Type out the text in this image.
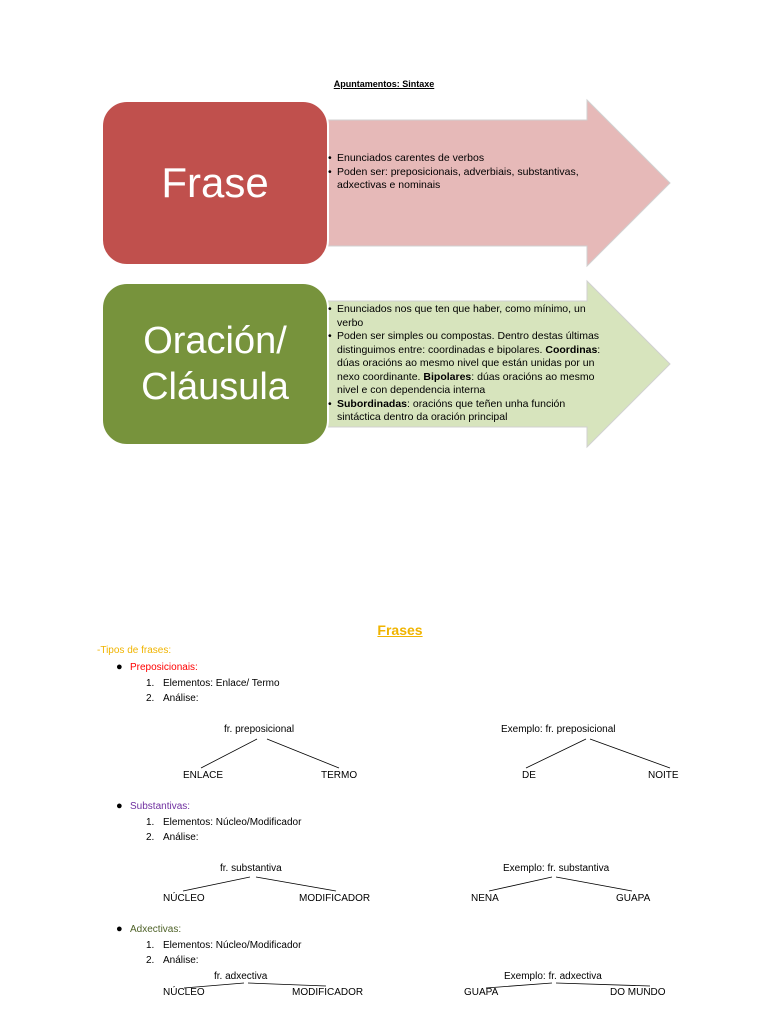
Apuntamentos: Sintaxe
Frase
Oración/
Cláusula
• Enunciados carentes de verbos
• Poden ser: preposicionais, adverbiais, substantivas, adxectivas e nominais
• Enunciados nos que ten que haber, como mínimo, un verbo
• Poden ser simples ou compostas. Dentro destas últimas distinguimos entre: coordinadas e bipolares. Coordinas: dúas oracións ao mesmo nivel que están unidas por un nexo coordinante. Bipolares: dúas oracións ao mesmo nivel e con dependencia interna
• Subordinadas: oracións que teñen unha función sintáctica dentro da oración principal
Frases
-Tipos de frases:
● Preposicionais:
1. Elementos: Enlace/ Termo
2. Análise:
fr. preposicional
ENLACE	TERMO
Exemplo: fr. preposicional
DE	NOITE
● Substantivas:
1. Elementos: Núcleo/Modificador
2. Análise:
fr. substantiva
NÚCLEO	MODIFICADOR
Exemplo: fr. substantiva
NENA	GUAPA
● Adxectivas:
1. Elementos: Núcleo/Modificador
2. Análise:
fr. adxectiva
NÚCLEO	MODIFICADOR
Exemplo: fr. adxectiva
GUAPA	DO MUNDO
